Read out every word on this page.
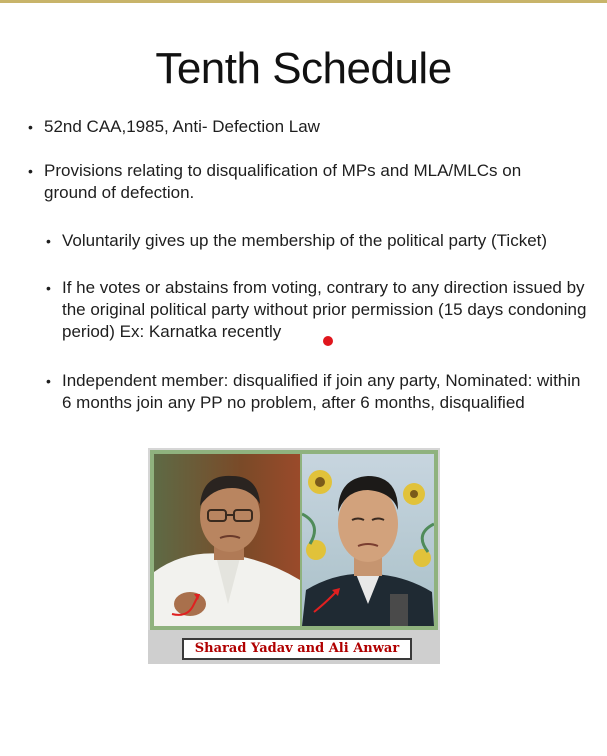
Tenth Schedule
• 52nd CAA,1985, Anti- Defection Law
• Provisions relating to disqualification of MPs and MLA/MLCs on ground of defection.
• Voluntarily gives up the membership of the political party (Ticket)
• If he votes or abstains from voting, contrary to any direction issued by the original political party without prior permission (15 days condoning period) Ex: Karnatka recently
• Independent member: disqualified if join any party, Nominated: within 6 months join any PP no problem, after 6 months, disqualified
Sharad Yadav and Ali Anwar
